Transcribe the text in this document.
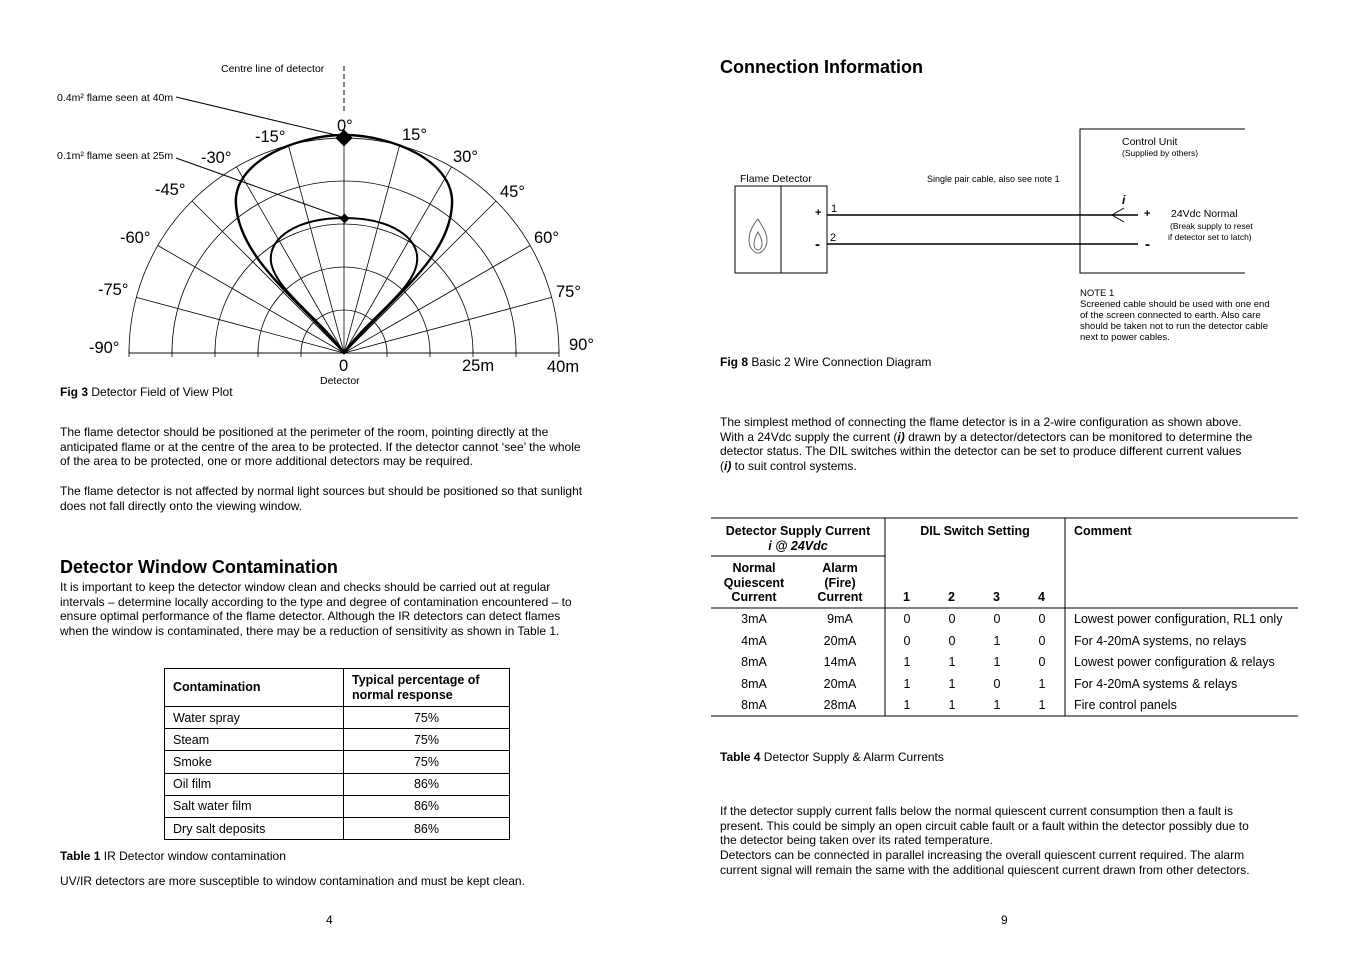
Centre line of detector
0.4m² flame seen at 40m
0.1m² flame seen at 25m
0°	15°
-15°
30°
-30°
45°
-45°
60°
-60°
75°
-75°
90°
-90°
0	25m	40m
Detector
Fig 3 Detector Field of View Plot
The flame detector should be positioned at the perimeter of the room, pointing directly at the
anticipated flame or at the centre of the area to be protected. If the detector cannot ‘see’ the whole
of the area to be protected, one or more additional detectors may be required.
The flame detector is not affected by normal light sources but should be positioned so that sunlight
does not fall directly onto the viewing window.
Detector Window Contamination
It is important to keep the detector window clean and checks should be carried out at regular
intervals – determine locally according to the type and degree of contamination encountered – to
ensure optimal performance of the flame detector. Although the IR detectors can detect flames
when the window is contaminated, there may be a reduction of sensitivity as shown in Table 1.
Contamination	Typical percentage of
normal response

Water spray	75%
Steam	75%
Smoke	75%
Oil film	86%
Salt water film	86%
Dry salt deposits	86%
Table 1 IR Detector window contamination
UV/IR detectors are more susceptible to window contamination and must be kept clean.
4
Connection Information
Control Unit
(Supplied by others)
Flame Detector	Single pair cable, also see note 1
i
+
-
1
2
+
-
24Vdc Normal
(Break supply to reset
if detector set to latch)
NOTE 1
Screened cable should be used with one end
of the screen connected to earth. Also care
should be taken not to run the detector cable
next to power cables.
Fig 8 Basic 2 Wire Connection Diagram
The simplest method of connecting the flame detector is in a 2-wire configuration as shown above.
With a 24Vdc supply the current (i) drawn by a detector/detectors can be monitored to determine the
detector status. The DIL switches within the detector can be set to produce different current values
(i) to suit control systems.
Detector Supply Current
i @ 24Vdc
DIL Switch Setting	Comment
Normal
Quiescent
Current
Alarm
(Fire)
Current	1	2	3	4
3mA	9mA	0	0	0	0 Lowest power configuration, RL1 only
4mA	20mA	0	0	1	0 For 4-20mA systems, no relays
8mA	14mA	1	1	1	0 Lowest power configuration & relays
8mA	20mA	1	1	0	1 For 4-20mA systems & relays
8mA	28mA	1	1	1	1 Fire control panels
Table 4 Detector Supply & Alarm Currents
If the detector supply current falls below the normal quiescent current consumption then a fault is
present. This could be simply an open circuit cable fault or a fault within the detector possibly due to
the detector being taken over its rated temperature.
Detectors can be connected in parallel increasing the overall quiescent current required. The alarm
current signal will remain the same with the additional quiescent current drawn from other detectors.
9
